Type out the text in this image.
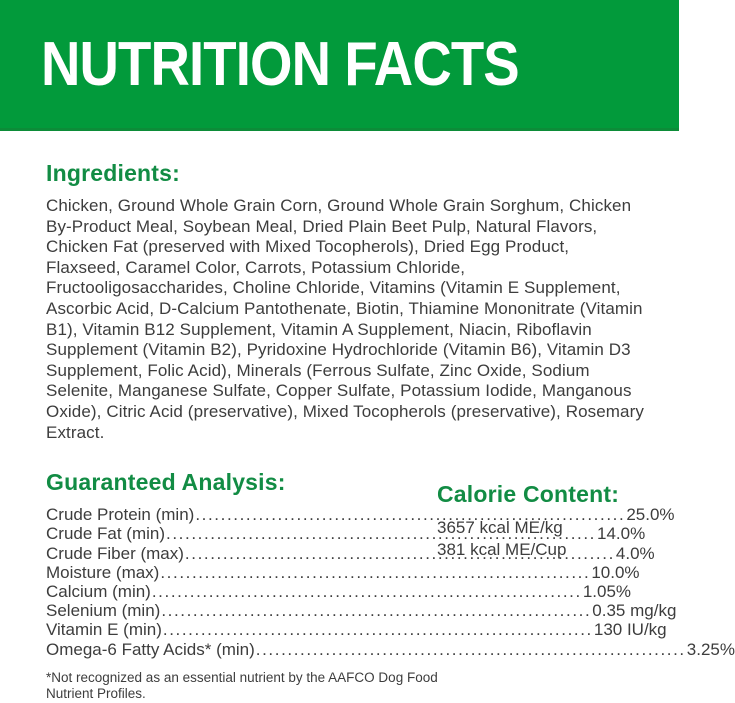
NUTRITION FACTS
Ingredients:
Chicken, Ground Whole Grain Corn, Ground Whole Grain Sorghum, Chicken By-Product Meal, Soybean Meal, Dried Plain Beet Pulp, Natural Flavors, Chicken Fat (preserved with Mixed Tocopherols), Dried Egg Product, Flaxseed, Caramel Color, Carrots, Potassium Chloride, Fructooligosaccharides, Choline Chloride, Vitamins (Vitamin E Supplement, Ascorbic Acid, D-Calcium Pantothenate, Biotin, Thiamine Mononitrate (Vitamin B1), Vitamin B12 Supplement, Vitamin A Supplement, Niacin, Riboflavin Supplement (Vitamin B2), Pyridoxine Hydrochloride (Vitamin B6), Vitamin D3 Supplement, Folic Acid), Minerals (Ferrous Sulfate, Zinc Oxide, Sodium Selenite, Manganese Sulfate, Copper Sulfate, Potassium Iodide, Manganous Oxide), Citric Acid (preservative), Mixed Tocopherols (preservative), Rosemary Extract.
Guaranteed Analysis:
Crude Protein (min) .....	25.0%
Crude Fat (min) .....	14.0%
Crude Fiber (max) .....	4.0%
Moisture (max) .....	10.0%
Calcium (min) .....	1.05%
Selenium (min) .....	0.35 mg/kg
Vitamin E (min) .....	130 IU/kg
Omega-6 Fatty Acids* (min) .....	3.25%
*Not recognized as an essential nutrient by the AAFCO Dog Food Nutrient Profiles.
Calorie Content:
3657 kcal ME/kg
381 kcal ME/Cup
